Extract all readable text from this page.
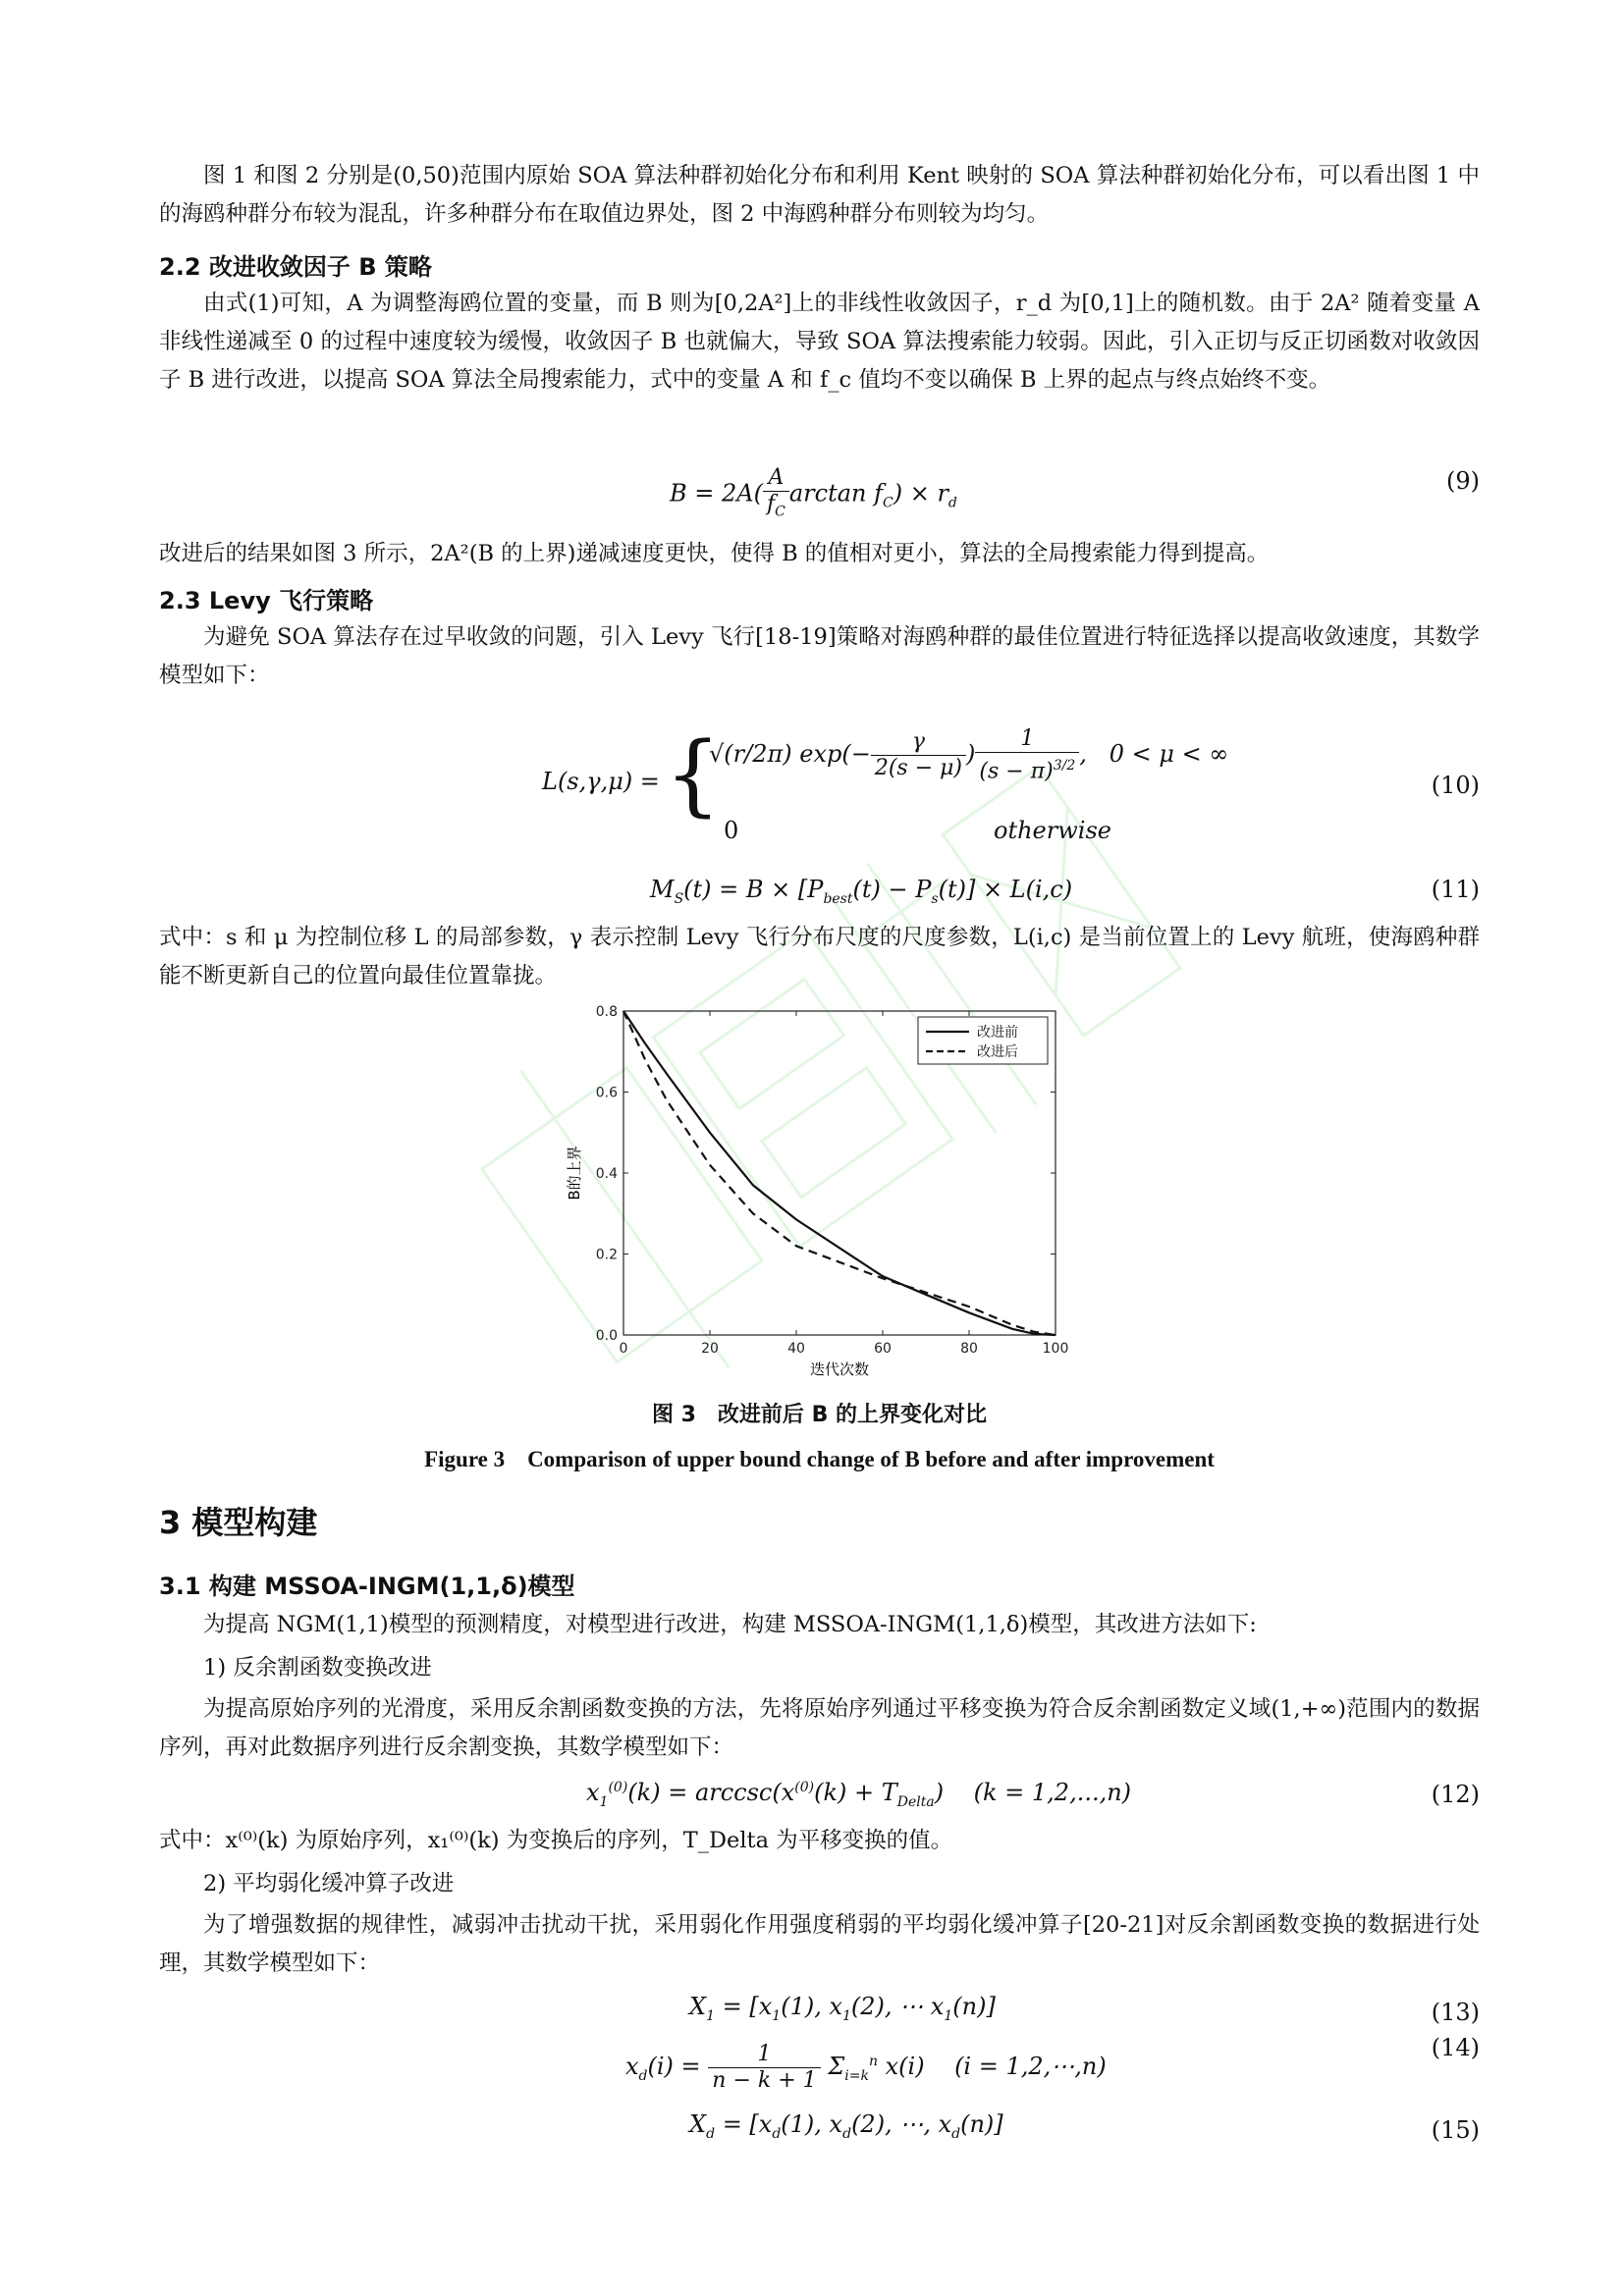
图 1 和图 2 分别是(0,50)范围内原始 SOA 算法种群初始化分布和利用 Kent 映射的 SOA 算法种群初始化分布，可以看出图 1 中的海鸥种群分布较为混乱，许多种群分布在取值边界处，图 2 中海鸥种群分布则较为均匀。

2.2 改进收敛因子 B 策略

由式(1)可知，A 为调整海鸥位置的变量，而 B 则为[0,2A²]上的非线性收敛因子，r_d 为[0,1]上的随机数。由于 2A² 随着变量 A 非线性递减至 0 的过程中速度较为缓慢，收敛因子 B 也就偏大，导致 SOA 算法搜索能力较弱。因此，引入正切与反正切函数对收敛因子 B 进行改进，以提高 SOA 算法全局搜索能力，式中的变量 A 和 f_c 值均不变以确保 B 上界的起点与终点始终不变。

$B = 2A( \frac{A}{f_C}$ $\arctan f_C) \times r_d$
(9)

改进后的结果如图 3 所示，2A²(B 的上界)递减速度更快，使得 B 的值相对更小，算法的全局搜索能力得到提高。

2.3 Levy 飞行策略

为避免 SOA 算法存在过早收敛的问题，引入 Levy 飞行[18-19]策略对海鸥种群的最佳位置进行特征选择以提高收敛速度，其数学模型如下：

L(s,γ,μ) = {
√(r/2π) $\exp(- \frac{\gamma}{2(s - \mu)}$ ) $\frac{1}{(s - \pi)^{3/2}}$ ,   0 < μ < ∞
0	otherwise
(10)
$M_S(t) = B \times [P_{best}(t) - P_s(t)] \times L(i,c)$	(11)

式中：s 和 μ 为控制位移 L 的局部参数，γ 表示控制 Levy 飞行分布尺度的尺度参数，L(i,c) 是当前位置上的 Levy 航班，使海鸥种群能不断更新自己的位置向最佳位置靠拢。

0	20	40	60	80	100
0.0
0.2
0.4
0.6
0.8
改进前
改进后
迭代次数
B的上界

图 3　改进前后 B 的上界变化对比

Figure 3　Comparison of upper bound change of B before and after improvement

3 模型构建
3.1 构建 MSSOA-INGM(1,1,δ)模型

为提高 NGM(1,1)模型的预测精度，对模型进行改进，构建 MSSOA-INGM(1,1,δ)模型，其改进方法如下:

1) 反余割函数变换改进

为提高原始序列的光滑度，采用反余割函数变换的方法，先将原始序列通过平移变换为符合反余割函数定义域(1,+∞)范围内的数据序列，再对此数据序列进行反余割变换，其数学模型如下：

$x_1^{(0)}(k) = arccsc(x^{(0)}(k) + T_{Delta})$    (k = 1,2,...,n)	(12)

式中：x⁽⁰⁾(k) 为原始序列，x₁⁽⁰⁾(k) 为变换后的序列，T_Delta 为平移变换的值。

2) 平均弱化缓冲算子改进

为了增强数据的规律性，减弱冲击扰动干扰，采用弱化作用强度稍弱的平均弱化缓冲算子[20-21]对反余割函数变换的数据进行处理，其数学模型如下：

$X_1 = [x_1(1)$, $x_1(2)$, ⋯ $x_1(n)$]	(13)
$x_d(i) = \frac{1}{n - k + 1} \Sigma_{i=k}^n$ x(i)    (i = 1,2,⋯,n)
(14)
$X_d = [x_d(1)$, $x_d(2)$, ⋯, $x_d(n)$]	(15)
